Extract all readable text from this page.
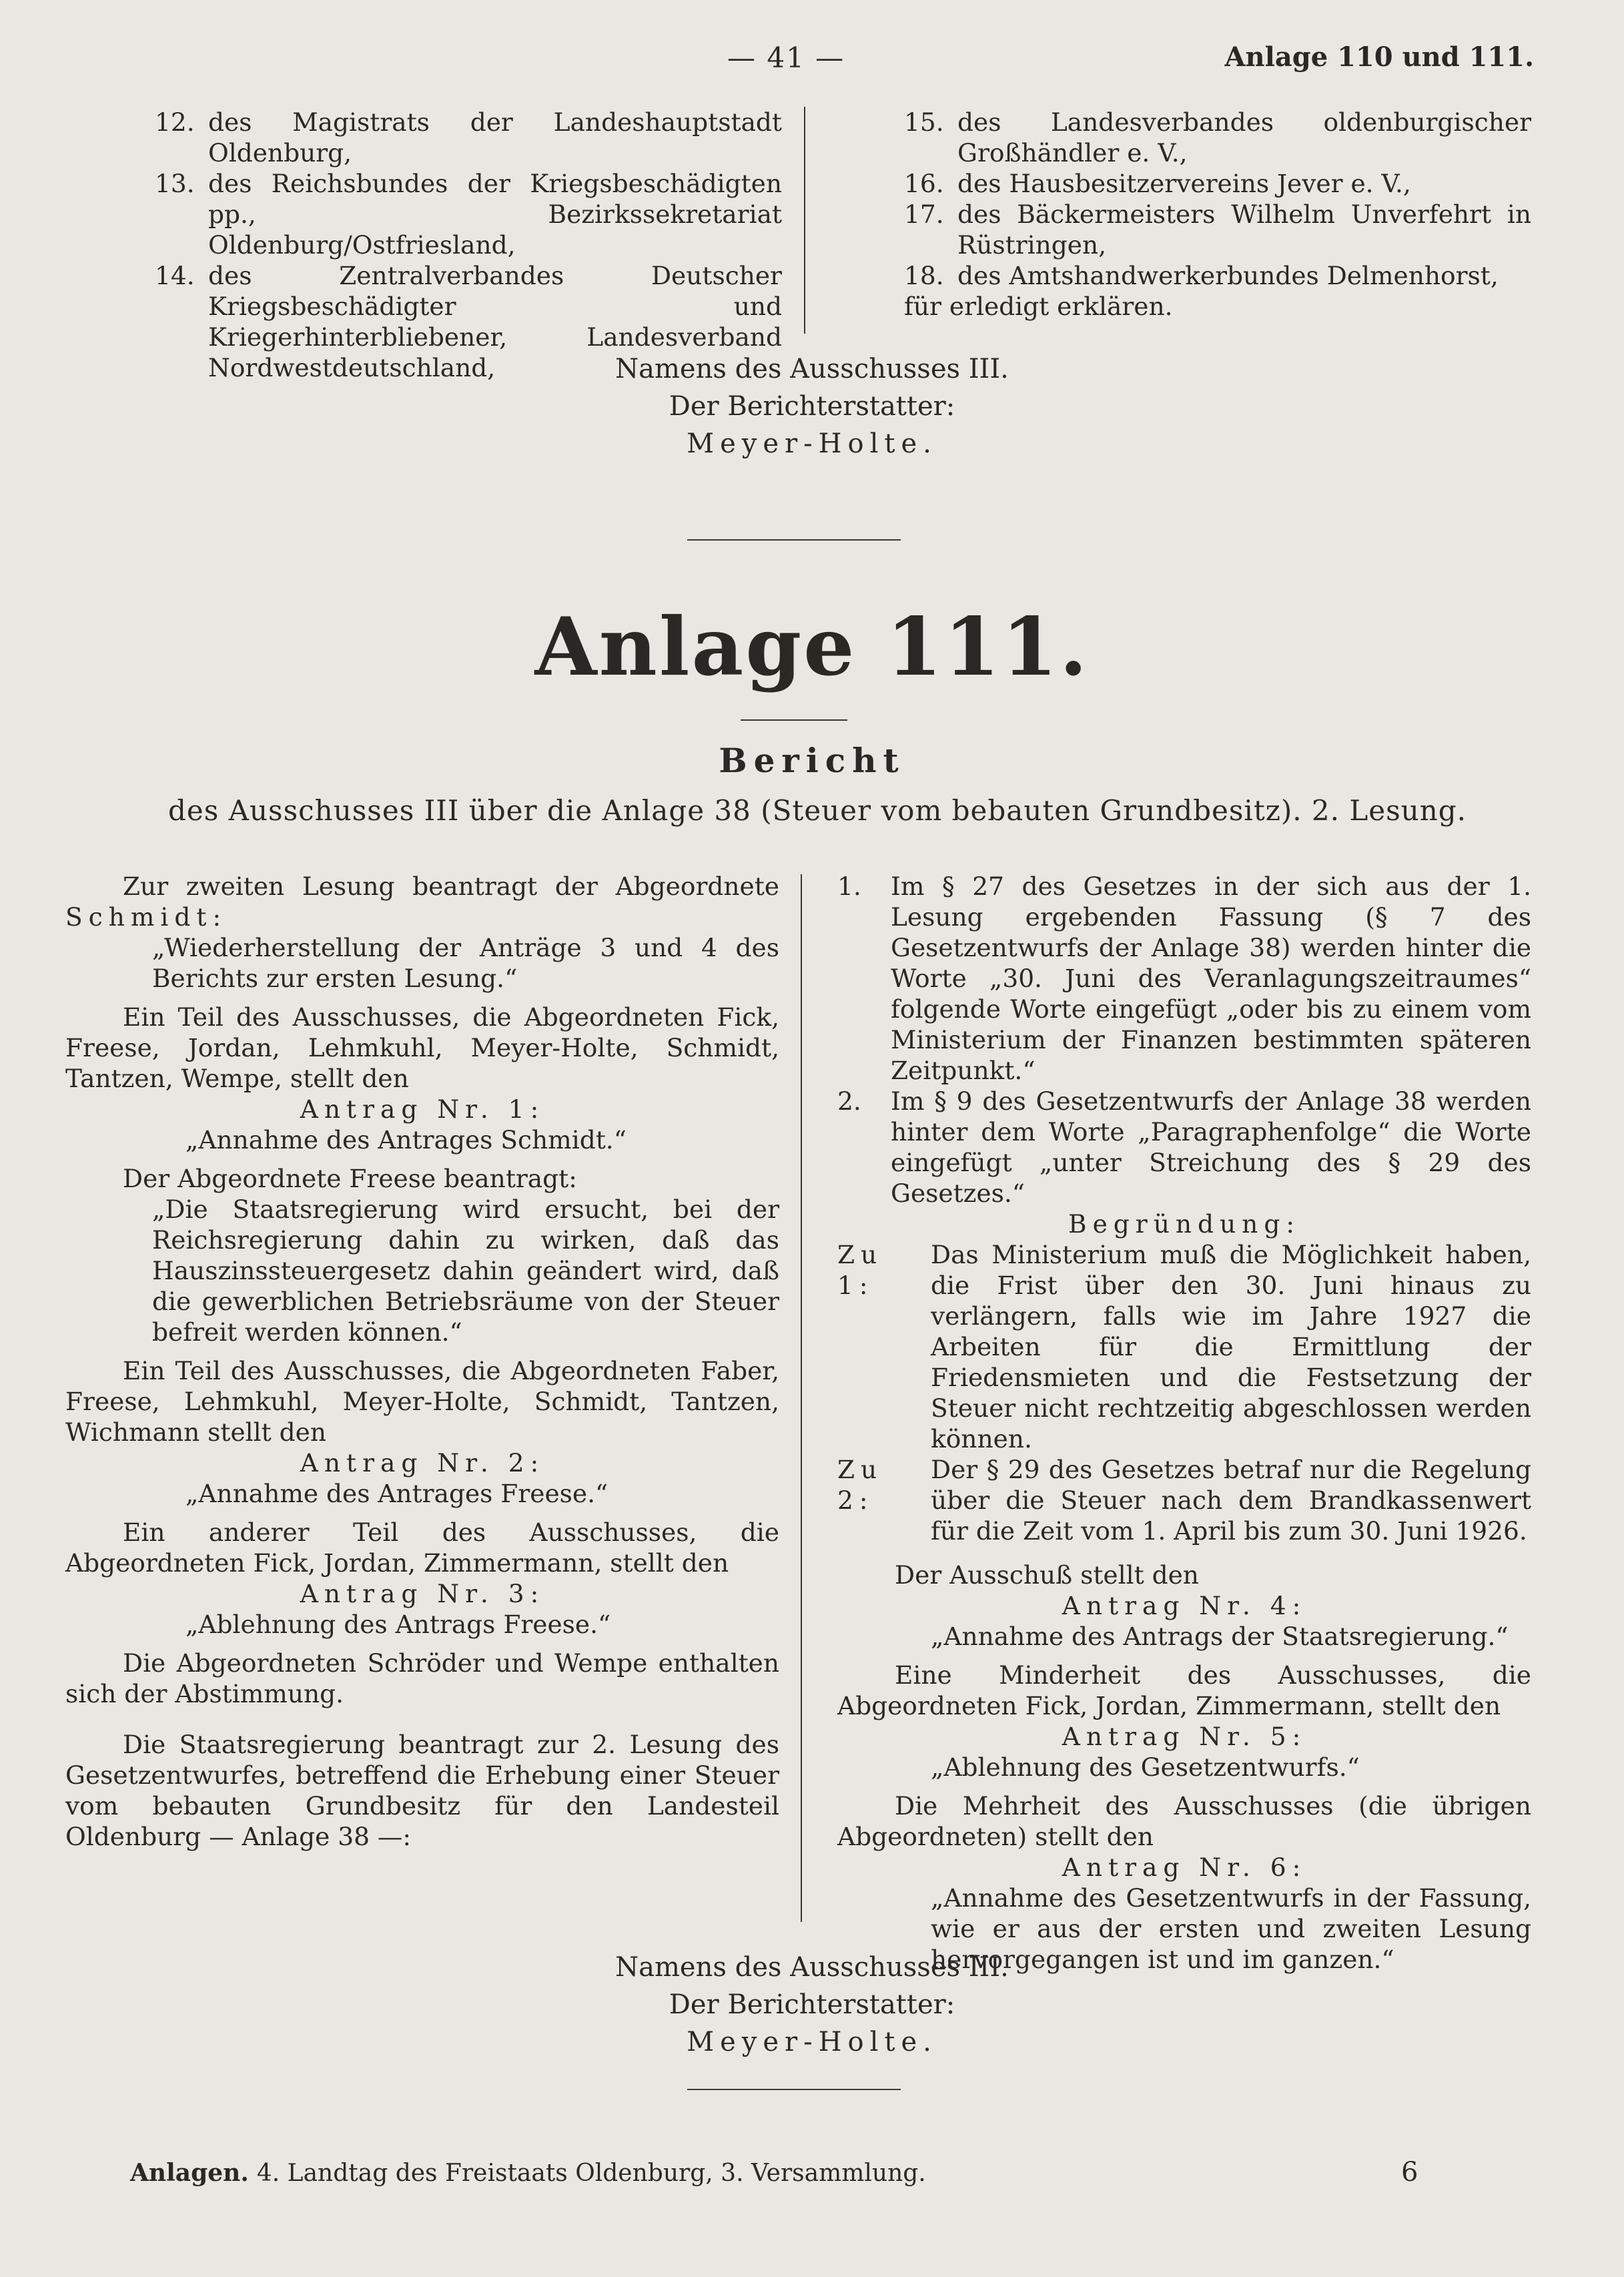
— 41 —	Anlage 110 und 111.
12. des Magistrats der Landeshauptstadt Oldenburg,
13. des Reichsbundes der Kriegsbeschädigten pp., Bezirkssekretariat Oldenburg/Ostfriesland,
14. des Zentralverbandes Deutscher Kriegsbeschädigter und Kriegerhinterbliebener, Landesverband Nordwestdeutschland,
15. des Landesverbandes oldenburgischer Großhändler e. V.,
16. des Hausbesitzervereins Jever e. V.,
17. des Bäckermeisters Wilhelm Unverfehrt in Rüstringen,
18. des Amtshandwerkerbundes Delmenhorst,

für erledigt erklären.

Namens des Ausschusses III.
Der Berichterstatter:
Meyer-Holte.
Anlage 111.
Bericht
des Ausschusses III über die Anlage 38 (Steuer vom bebauten Grundbesitz). 2. Lesung.

Zur zweiten Lesung beantragt der Abgeordnete Schmidt:

„Wiederherstellung der Anträge 3 und 4 des Berichts zur ersten Lesung.“

Ein Teil des Ausschusses, die Abgeordneten Fick, Freese, Jordan, Lehmkuhl, Meyer-Holte, Schmidt, Tantzen, Wempe, stellt den

Antrag Nr. 1:

„Annahme des Antrages Schmidt.“

Der Abgeordnete Freese beantragt:

„Die Staatsregierung wird ersucht, bei der Reichsregierung dahin zu wirken, daß das Hauszinssteuergesetz dahin geändert wird, daß die gewerblichen Betriebsräume von der Steuer befreit werden können.“

Ein Teil des Ausschusses, die Abgeordneten Faber, Freese, Lehmkuhl, Meyer-Holte, Schmidt, Tantzen, Wichmann stellt den

Antrag Nr. 2:

„Annahme des Antrages Freese.“

Ein anderer Teil des Ausschusses, die Abgeordneten Fick, Jordan, Zimmermann, stellt den

Antrag Nr. 3:

„Ablehnung des Antrags Freese.“

Die Abgeordneten Schröder und Wempe enthalten sich der Abstimmung.

Die Staatsregierung beantragt zur 2. Lesung des Gesetzentwurfes, betreffend die Erhebung einer Steuer vom bebauten Grundbesitz für den Landesteil Oldenburg — Anlage 38 —:

1.	Im § 27 des Gesetzes in der sich aus der 1. Lesung ergebenden Fassung (§ 7 des Gesetzentwurfs der Anlage 38) werden hinter die Worte „30. Juni des Veranlagungszeitraumes“ folgende Worte eingefügt „oder bis zu einem vom Ministerium der Finanzen bestimmten späteren Zeitpunkt.“
2.	Im § 9 des Gesetzentwurfs der Anlage 38 werden hinter dem Worte „Paragraphenfolge“ die Worte eingefügt „unter Streichung des § 29 des Gesetzes.“

Begründung:

Zu 1:
Das Ministerium muß die Möglichkeit haben, die Frist über den 30. Juni hinaus zu verlängern, falls wie im Jahre 1927 die Arbeiten für die Ermittlung der Friedensmieten und die Festsetzung der Steuer nicht rechtzeitig abgeschlossen werden können.
Zu 2:
Der § 29 des Gesetzes betraf nur die Regelung über die Steuer nach dem Brandkassenwert für die Zeit vom 1. April bis zum 30. Juni 1926.

Der Ausschuß stellt den

Antrag Nr. 4:

„Annahme des Antrags der Staatsregierung.“

Eine Minderheit des Ausschusses, die Abgeordneten Fick, Jordan, Zimmermann, stellt den

Antrag Nr. 5:

„Ablehnung des Gesetzentwurfs.“

Die Mehrheit des Ausschusses (die übrigen Abgeordneten) stellt den

Antrag Nr. 6:

„Annahme des Gesetzentwurfs in der Fassung, wie er aus der ersten und zweiten Lesung hervorgegangen ist und im ganzen.“

Namens des Ausschusses III.
Der Berichterstatter:
Meyer-Holte.
Anlagen. 4. Landtag des Freistaats Oldenburg, 3. Versammlung.	6
